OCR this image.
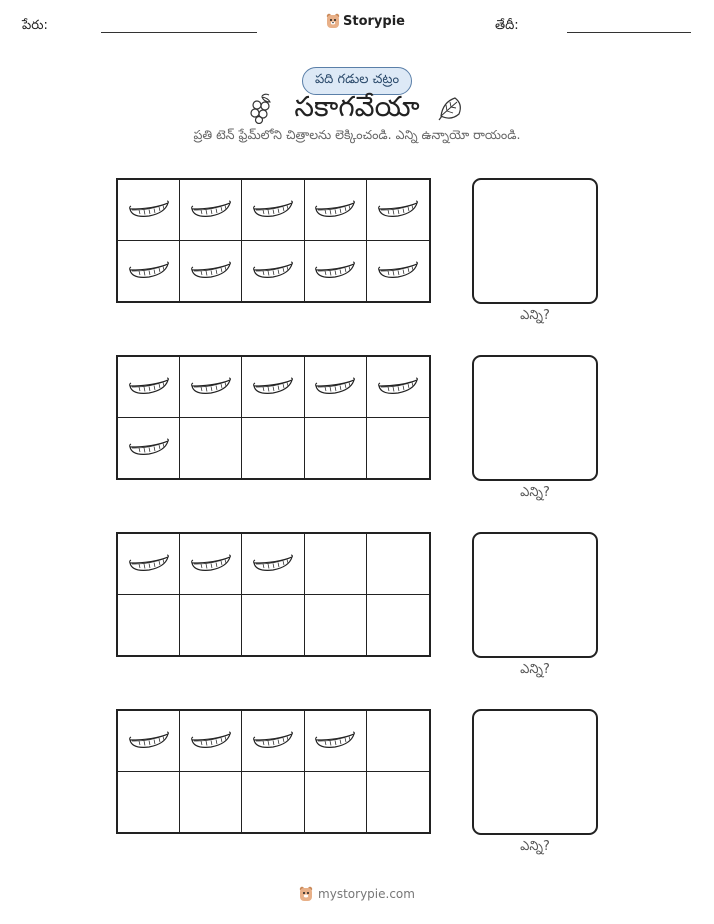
పేరు:	Storypie	తేదీ:
పది గడుల చట్రం
సకాగవేయా
ప్రతి టెన్ ఫ్రేమ్‌లోని చిత్రాలను లెక్కించండి. ఎన్ని ఉన్నాయో రాయండి.
ఎన్ని?
ఎన్ని?
ఎన్ని?
ఎన్ని?
mystorypie.com
